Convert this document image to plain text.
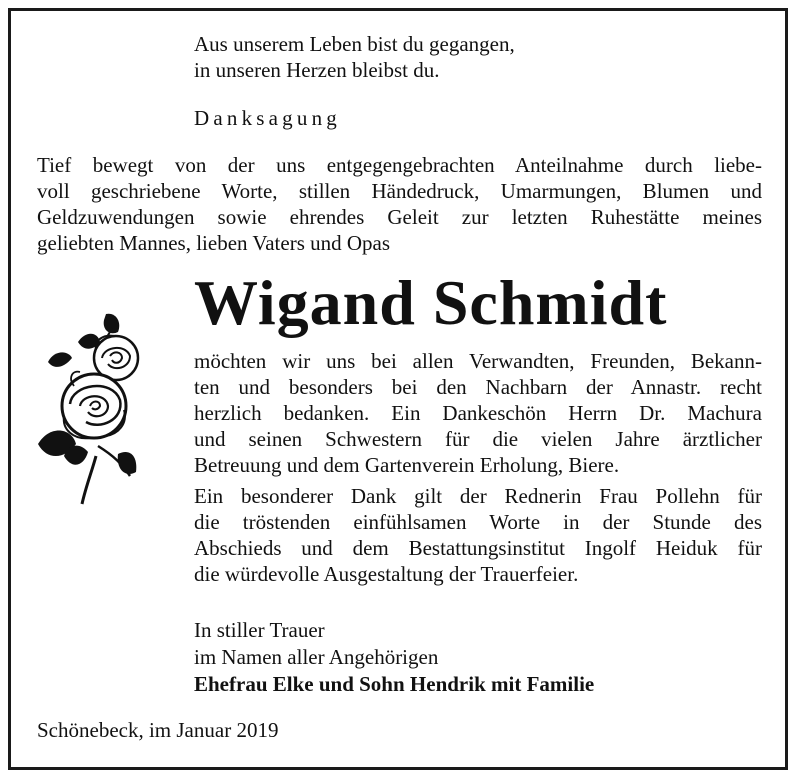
Aus unserem Leben bist du gegangen,
in unseren Herzen bleibst du.
Danksagung
Tief bewegt von der uns entgegengebrachten Anteilnahme durch liebe-
voll geschriebene Worte, stillen Händedruck, Umarmungen, Blumen und
Geldzuwendungen sowie ehrendes Geleit zur letzten Ruhestätte meines
geliebten Mannes, lieben Vaters und Opas
Wigand Schmidt
möchten wir uns bei allen Verwandten, Freunden, Bekann-
ten und besonders bei den Nachbarn der Annastr. recht
herzlich bedanken. Ein Dankeschön Herrn Dr. Machura
und seinen Schwestern für die vielen Jahre ärztlicher
Betreuung und dem Gartenverein Erholung, Biere.
Ein besonderer Dank gilt der Rednerin Frau Pollehn für
die tröstenden einfühlsamen Worte in der Stunde des
Abschieds und dem Bestattungsinstitut Ingolf Heiduk für
die würdevolle Ausgestaltung der Trauerfeier.
In stiller Trauer
im Namen aller Angehörigen
Ehefrau Elke und Sohn Hendrik mit Familie
Schönebeck, im Januar 2019
